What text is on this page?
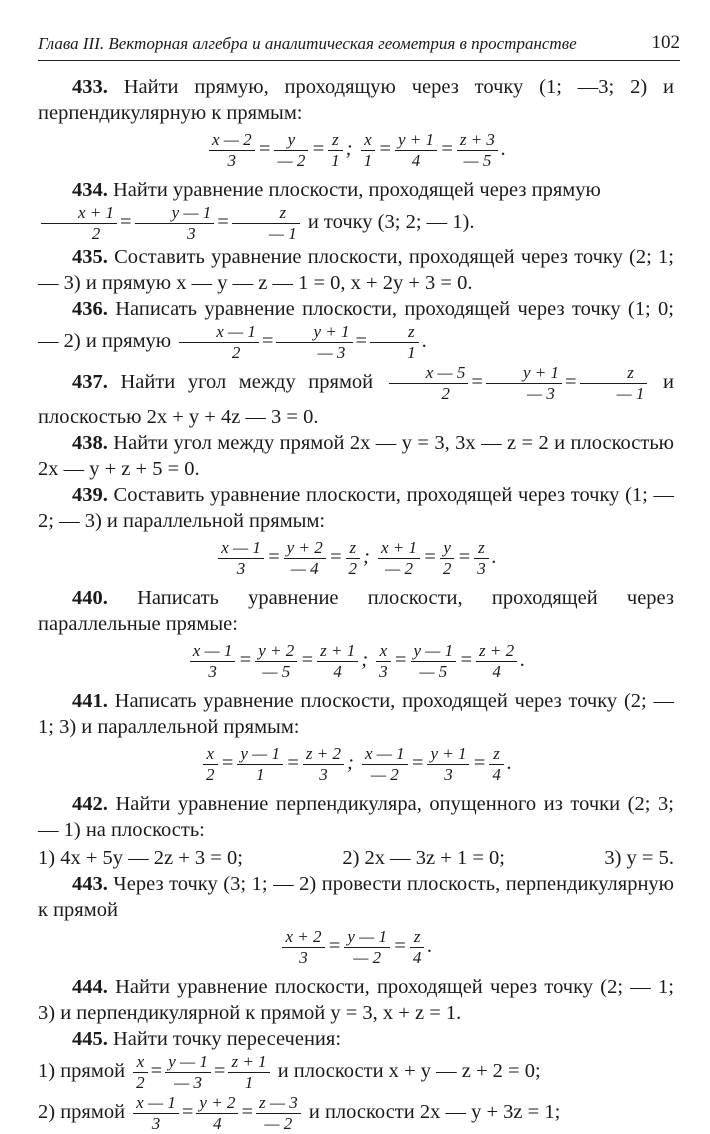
Глава III. Векторная алгебра и аналитическая геометрия в пространстве	102

433. Найти прямую, проходящую через точку (1; —3; 2) и перпендикулярную к прямым:

$\frac{x — 2}{3} = \frac{y}{— 2} = \frac{z}{1}$ ; $\frac{x}{1} = \frac{y + 1}{4} = \frac{z + 3}{— 5}$ .

434. Найти уравнение плоскости, проходящей через прямую

$\frac{x + 1}{2} = \frac{y — 1}{3} = \frac{z}{— 1}$ и точку (3; 2; — 1).

435. Составить уравнение плоскости, проходящей через точку (2; 1; — 3) и прямую x — y — z — 1 = 0, x + 2y + 3 = 0.

436. Написать уравнение плоскости, проходящей через точку (1; 0; — 2) и прямую $\frac{x — 1}{2} = \frac{y + 1}{— 3} = \frac{z}{1}$ .

437. Найти угол между прямой $\frac{x — 5}{2} = \frac{y + 1}{— 3} = \frac{z}{— 1}$ и плоскостью 2x + y + 4z — 3 = 0.

438. Найти угол между прямой 2x — y = 3, 3x — z = 2 и плоскостью 2x — y + z + 5 = 0.

439. Составить уравнение плоскости, проходящей через точку (1; — 2; — 3) и параллельной прямым:

$\frac{x — 1}{3} = \frac{y + 2}{— 4} = \frac{z}{2}$ ; $\frac{x + 1}{— 2} = \frac{y}{2} = \frac{z}{3}$ .

440. Написать уравнение плоскости, проходящей через параллельные прямые:

$\frac{x — 1}{3} = \frac{y + 2}{— 5} = \frac{z + 1}{4}$ ; $\frac{x}{3} = \frac{y — 1}{— 5} = \frac{z + 2}{4}$ .

441. Написать уравнение плоскости, проходящей через точку (2; — 1; 3) и параллельной прямым:

$\frac{x}{2} = \frac{y — 1}{1} = \frac{z + 2}{3}$ ; $\frac{x — 1}{— 2} = \frac{y + 1}{3} = \frac{z}{4}$ .

442. Найти уравнение перпендикуляра, опущенного из точки (2; 3; — 1) на плоскость:

1) 4x + 5y — 2z + 3 = 0;	2) 2x — 3z + 1 = 0;	3) y = 5.

443. Через точку (3; 1; — 2) провести плоскость, перпендикулярную к прямой

$\frac{x + 2}{3} = \frac{y — 1}{— 2} = \frac{z}{4}$ .

444. Найти уравнение плоскости, проходящей через точку (2; — 1; 3) и перпендикулярной к прямой y = 3, x + z = 1.

445. Найти точку пересечения:

1) прямой $\frac{x}{2} = \frac{y — 1}{— 3} = \frac{z + 1}{1}$ и плоскости x + y — z + 2 = 0;

2) прямой $\frac{x — 1}{3} = \frac{y + 2}{4} = \frac{z — 3}{— 2}$ и плоскости 2x — y + 3z = 1;
